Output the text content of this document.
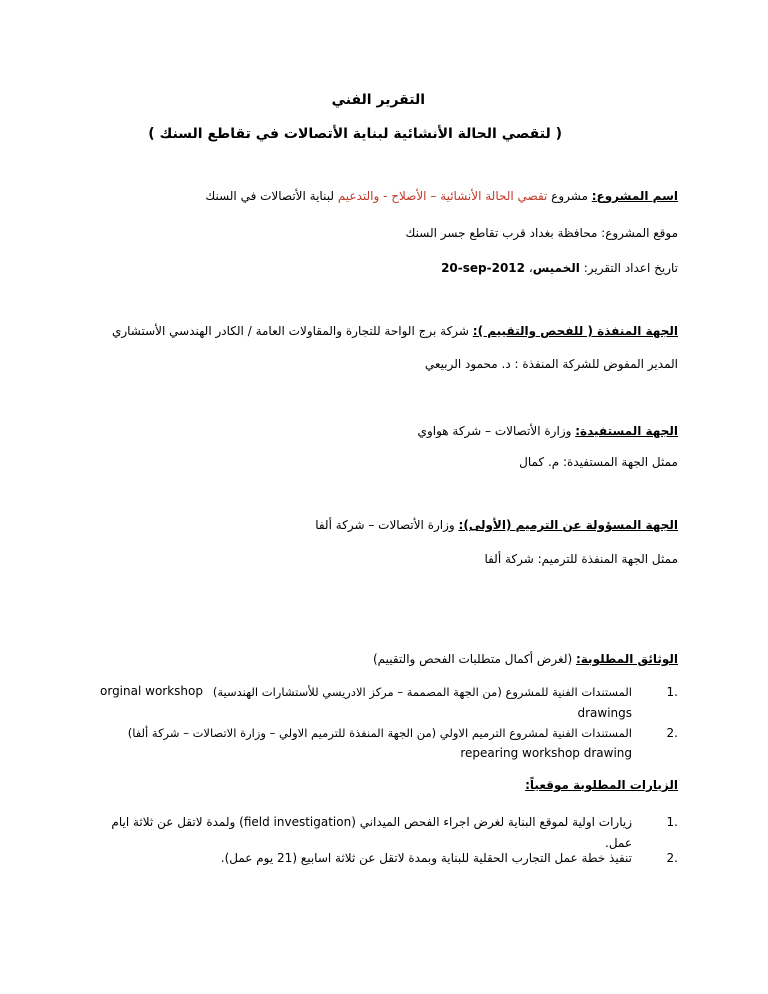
التقرير الفني
( لتقصي الحالة الأنشائية لبناية الأتصالات في تقاطع السنك )
اسم المشروع: مشروع تقصي الحالة الأنشائية – الأصلاح - والتدعيم لبناية الأتصالات في السنك
موقع المشروع: محافظة بغداد قرب تقاطع جسر السنك
تاريخ اعداد التقرير: الخميس، 20-sep-2012
الجهة المنفذة ( للفحص والتقييم ): شركة برج الواحة للتجارة والمقاولات العامة / الكادر الهندسي الأستشاري
المدير المفوض للشركة المنفذة : د. محمود الربيعي
الجهة المستفيدة: وزارة الأتصالات – شركة هواوي
ممثل الجهة المستفيدة: م. كمال
الجهة المسؤولة عن الترميم (الأولى): وزارة الأتصالات – شركة ألفا
ممثل الجهة المنفذة للترميم: شركة ألفا
الوثائق المطلوبة: (لغرض أكمال متطلبات الفحص والتقييم)
1.
المستندات الفنية للمشروع (من الجهة المصممة – مركز الادريسي للأستشارات الهندسية)
orginal workshop
drawings
2.
المستندات الفنية لمشروع الترميم الاولي (من الجهة المنفذة للترميم الاولي – وزارة الاتصالات – شركة ألفا)
repearing workshop drawing
الزيارات المطلوبة موقعياً:
1.
زيارات اولية لموقع البناية لغرض اجراء الفحص الميداني (field investigation) ولمدة لاتقل عن ثلاثة ايام
عمل.
2.
تنفيذ خطة عمل التجارب الحقلية للبناية وبمدة لاتقل عن ثلاثة اسابيع (21 يوم عمل).
